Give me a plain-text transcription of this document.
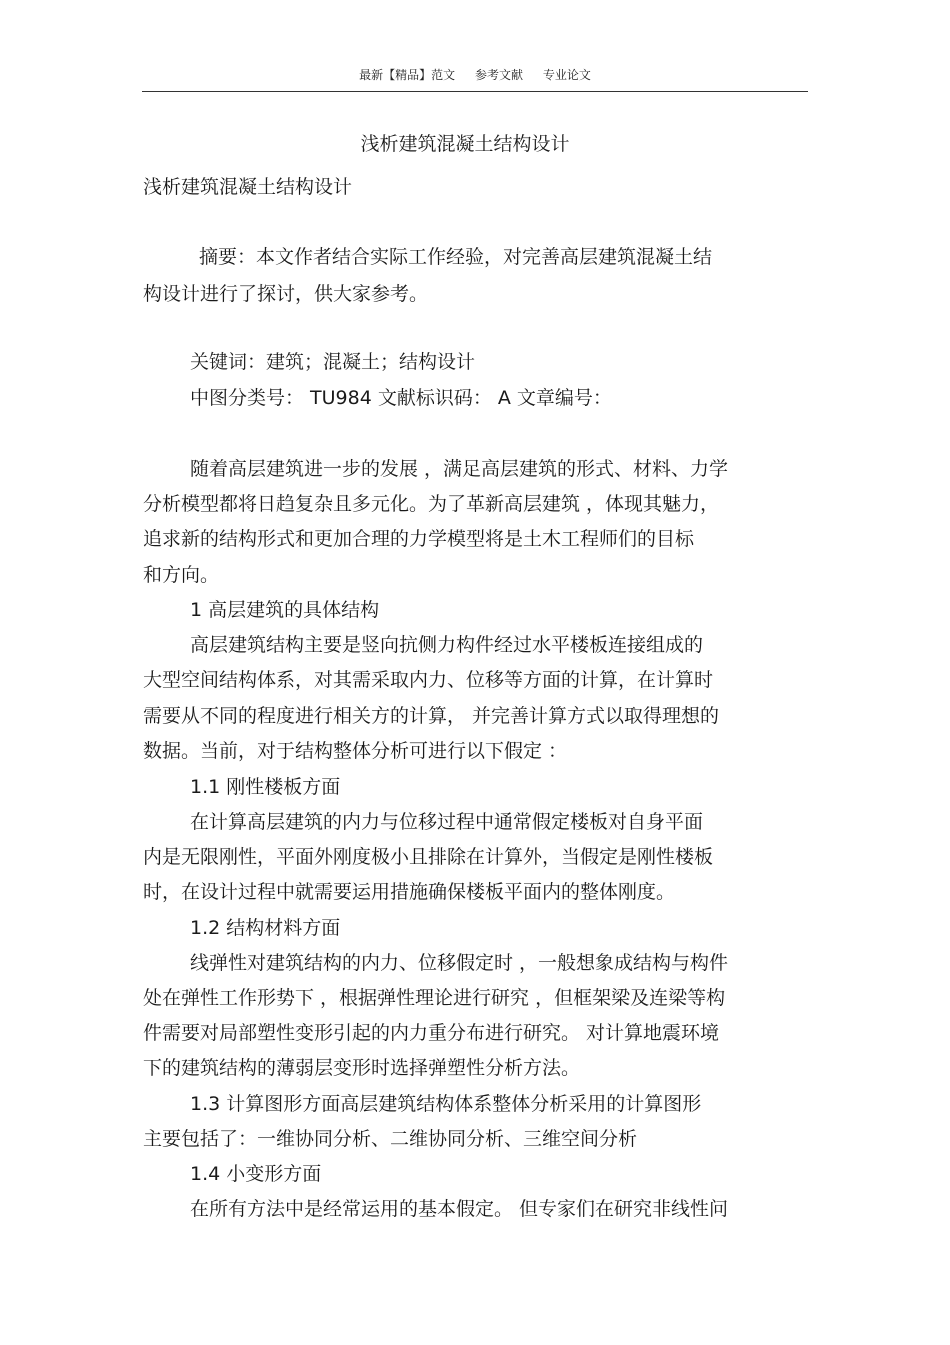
最新【精品】范文 参考文献 专业论文
浅析建筑混凝土结构设计
浅析建筑混凝土结构设计
摘要：本文作者结合实际工作经验，对完善高层建筑混凝土结
构设计进行了探讨，供大家参考。
关键词：建筑；混凝土；结构设计
中图分类号： TU984 文献标识码： A 文章编号：
随着高层建筑进一步的发展 ，满足高层建筑的形式、材料、力学
分析模型都将日趋复杂且多元化。为了革新高层建筑 ，体现其魅力，
追求新的结构形式和更加合理的力学模型将是土木工程师们的目标
和方向。
1 高层建筑的具体结构
高层建筑结构主要是竖向抗侧力构件经过水平楼板连接组成的
大型空间结构体系，对其需采取内力、位移等方面的计算，在计算时
需要从不同的程度进行相关方的计算， 并完善计算方式以取得理想的
数据。当前，对于结构整体分析可进行以下假定 ：
1.1 刚性楼板方面
在计算高层建筑的内力与位移过程中通常假定楼板对自身平面
内是无限刚性，平面外刚度极小且排除在计算外，当假定是刚性楼板
时，在设计过程中就需要运用措施确保楼板平面内的整体刚度。
1.2 结构材料方面
线弹性对建筑结构的内力、位移假定时 ，一般想象成结构与构件
处在弹性工作形势下 ，根据弹性理论进行研究 ，但框架梁及连梁等构
件需要对局部塑性变形引起的内力重分布进行研究。 对计算地震环境
下的建筑结构的薄弱层变形时选择弹塑性分析方法。
1.3 计算图形方面高层建筑结构体系整体分析采用的计算图形
主要包括了：一维协同分析、二维协同分析、三维空间分析
1.4 小变形方面
在所有方法中是经常运用的基本假定。 但专家们在研究非线性问
